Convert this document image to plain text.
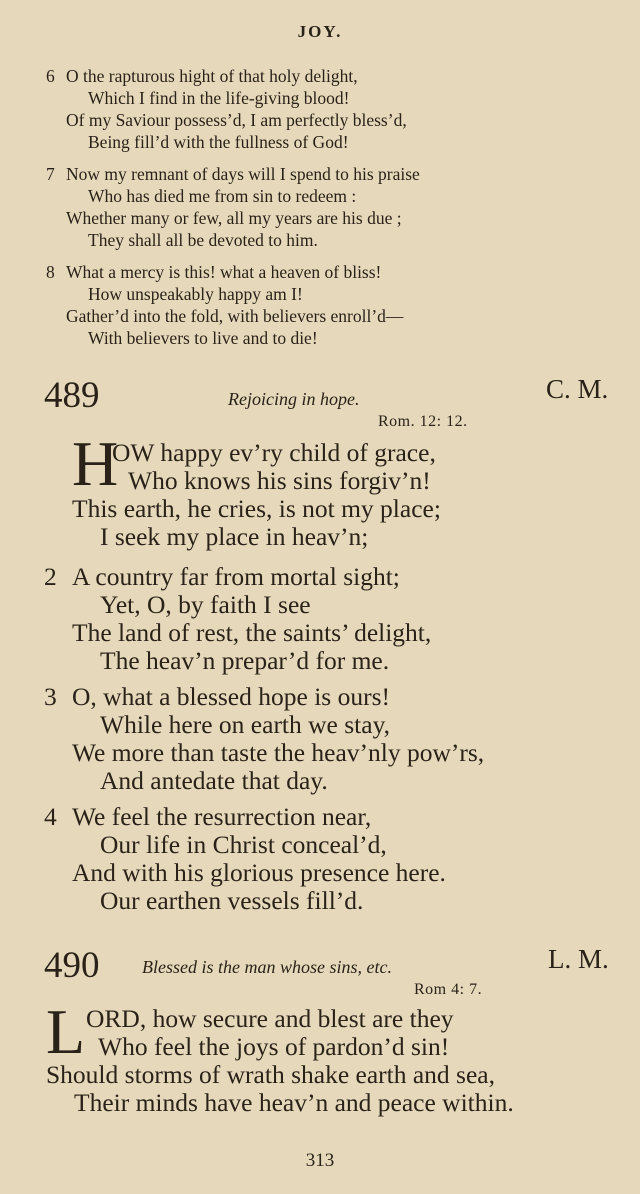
JOY.
6 O the rapturous hight of that holy delight,
Which I find in the life-giving blood!
Of my Saviour possess’d, I am perfectly bless’d,
Being fill’d with the fullness of God!
7 Now my remnant of days will I spend to his praise
Who has died me from sin to redeem :
Whether many or few, all my years are his due ;
They shall all be devoted to him.
8 What a mercy is this! what a heaven of bliss!
How unspeakably happy am I!
Gather’d into the fold, with believers enroll’d—
With believers to live and to die!
489	Rejoicing in hope.	C. M.
Rom. 12: 12.
H
OW happy ev’ry child of grace,
Who knows his sins forgiv’n!
This earth, he cries, is not my place;
I seek my place in heav’n;
2 A country far from mortal sight;
Yet, O, by faith I see
The land of rest, the saints’ delight,
The heav’n prepar’d for me.
3 O, what a blessed hope is ours!
While here on earth we stay,
We more than taste the heav’nly pow’rs,
And antedate that day.
4 We feel the resurrection near,
Our life in Christ conceal’d,
And with his glorious presence here.
Our earthen vessels fill’d.
490 Blessed is the man whose sins, etc.	L. M.
Rom 4: 7.
L ORD, how secure and blest are they
Who feel the joys of pardon’d sin!
Should storms of wrath shake earth and sea,
Their minds have heav’n and peace within.
313
